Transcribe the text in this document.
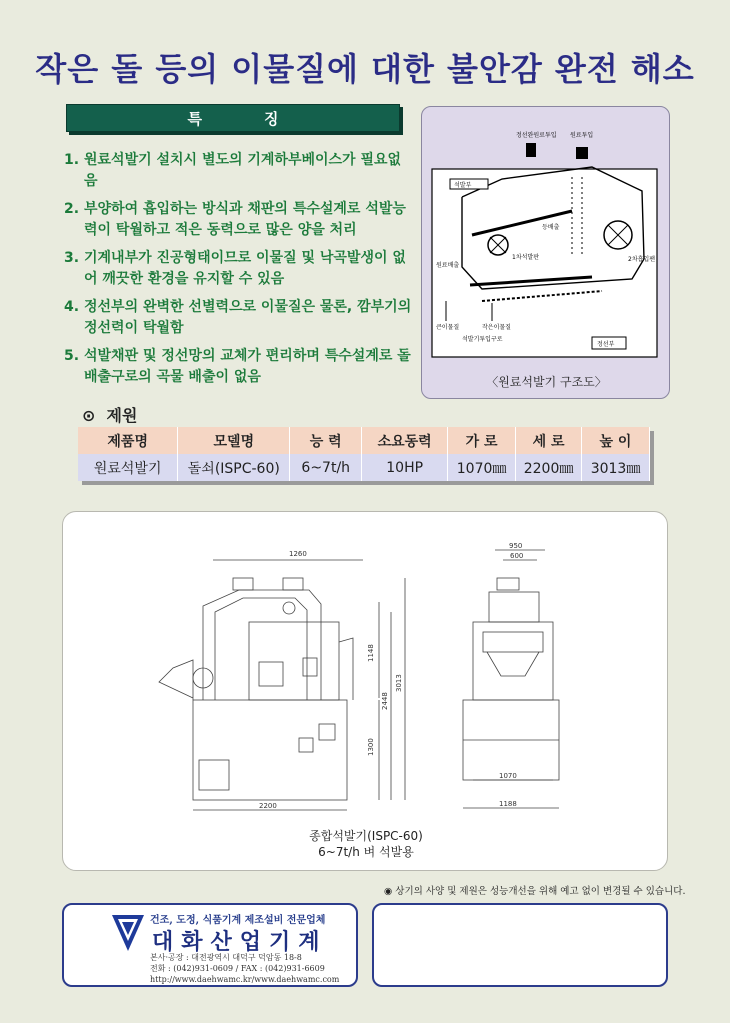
작은 돌 등의 이물질에 대한 불안감 완전 해소
특징
1. 원료석발기 설치시 별도의 기계하부베이스가 필요없음
2. 부양하여 흡입하는 방식과 채판의 특수설계로 석발능력이 탁월하고 적은 동력으로 많은 양을 처리
3. 기계내부가 진공형태이므로 이물질 및 낙곡발생이 없어 깨끗한 환경을 유지할 수 있음
4. 정선부의 완벽한 선별력으로 이물질은 물론, 깜부기의 정선력이 탁월함
5. 석발채판 및 정선망의 교체가 편리하며 특수설계로 돌 배출구로의 곡물 배출이 없음
정선완원료투입 원료투입
석발부
등배출
1차석발판	2차흡입팬
원료배출
큰이물질	작은이물질
석발기투입구로
정선부
〈원료석발기 구조도〉
⊙ 제원
제품명	모델명	능 력	소요동력	가 로	세 로	높 이
원료석발기	돌쇠(ISPC-60)	6~7t/h	10HP	1070㎜	2200㎜	3013㎜
1260
2200
1148
1300
2448
3013
950
600
1070
1188
종합석발기(ISPC-60)
6~7t/h 벼 석발용
◉ 상기의 사양 및 제원은 성능개선을 위해 예고 없이 변경될 수 있습니다.
건조, 도정, 식품기계 제조설비 전문업체
대화산업기계
본사·공장 : 대전광역시 대덕구 덕암동 18-8
전화 : (042)931-0609 / FAX : (042)931-6609
http://www.daehwamc.kr/www.daehwamc.com
